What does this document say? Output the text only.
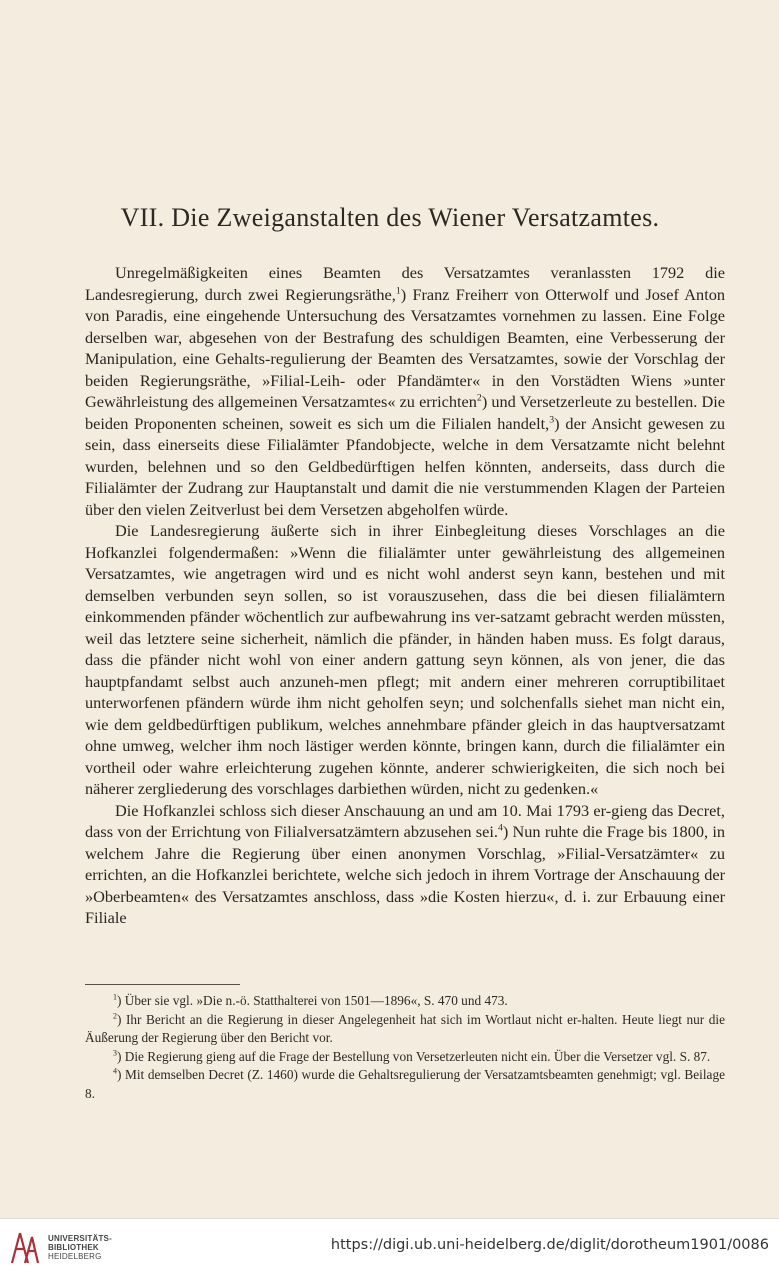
VII. Die Zweiganstalten des Wiener Versatzamtes.

Unregelmäßigkeiten eines Beamten des Versatzamtes veranlassten 1792 die Landesregierung, durch zwei Regierungsräthe,$^1$) Franz Freiherr von Otterwolf und Josef Anton von Paradis, eine eingehende Untersuchung des Versatzamtes vornehmen zu lassen. Eine Folge derselben war, abgesehen von der Bestrafung des schuldigen Beamten, eine Verbesserung der Manipulation, eine Gehalts-regulierung der Beamten des Versatzamtes, sowie der Vorschlag der beiden Regierungsräthe, »Filial-Leih- oder Pfandämter« in den Vorstädten Wiens »unter Gewährleistung des allgemeinen Versatzamtes« zu errichten$^2$) und Versetzerleute zu bestellen. Die beiden Proponenten scheinen, soweit es sich um die Filialen handelt,$^3$) der Ansicht gewesen zu sein, dass einerseits diese Filialämter Pfandobjecte, welche in dem Versatzamte nicht belehnt wurden, belehnen und so den Geldbedürftigen helfen könnten, anderseits, dass durch die Filialämter der Zudrang zur Hauptanstalt und damit die nie verstummenden Klagen der Parteien über den vielen Zeitverlust bei dem Versetzen abgeholfen würde.

Die Landesregierung äußerte sich in ihrer Einbegleitung dieses Vorschlages an die Hofkanzlei folgendermaßen: »Wenn die filialämter unter gewährleistung des allgemeinen Versatzamtes, wie angetragen wird und es nicht wohl anderst seyn kann, bestehen und mit demselben verbunden seyn sollen, so ist vorauszusehen, dass die bei diesen filialämtern einkommenden pfänder wöchentlich zur aufbewahrung ins ver-satzamt gebracht werden müssten, weil das letztere seine sicherheit, nämlich die pfänder, in händen haben muss. Es folgt daraus, dass die pfänder nicht wohl von einer andern gattung seyn können, als von jener, die das hauptpfandamt selbst auch anzuneh-men pflegt; mit andern einer mehreren corruptibilitaet unterworfenen pfändern würde ihm nicht geholfen seyn; und solchenfalls siehet man nicht ein, wie dem geldbedürftigen publikum, welches annehmbare pfänder gleich in das hauptversatzamt ohne umweg, welcher ihm noch lästiger werden könnte, bringen kann, durch die filialämter ein vortheil oder wahre erleichterung zugehen könnte, anderer schwierigkeiten, die sich noch bei näherer zergliederung des vorschlages darbiethen würden, nicht zu gedenken.«

Die Hofkanzlei schloss sich dieser Anschauung an und am 10. Mai 1793 er-gieng das Decret, dass von der Errichtung von Filialversatzämtern abzusehen sei.$^4$) Nun ruhte die Frage bis 1800, in welchem Jahre die Regierung über einen anonymen Vorschlag, »Filial-Versatzämter« zu errichten, an die Hofkanzlei berichtete, welche sich jedoch in ihrem Vortrage der Anschauung der »Oberbeamten« des Versatzamtes anschloss, dass »die Kosten hierzu«, d. i. zur Erbauung einer Filiale

$^1$) Über sie vgl. »Die n.-ö. Statthalterei von 1501—1896«, S. 470 und 473.

$^2$) Ihr Bericht an die Regierung in dieser Angelegenheit hat sich im Wortlaut nicht er-halten. Heute liegt nur die Äußerung der Regierung über den Bericht vor.

$^3$) Die Regierung gieng auf die Frage der Bestellung von Versetzerleuten nicht ein. Über die Versetzer vgl. S. 87.

$^4$) Mit demselben Decret (Z. 1460) wurde die Gehaltsregulierung der Versatzamtsbeamten genehmigt; vgl. Beilage 8.

UNIVERSITÄTS-
BIBLIOTHEK
HEIDELBERG
https://digi.ub.uni-heidelberg.de/diglit/dorotheum1901/0086
